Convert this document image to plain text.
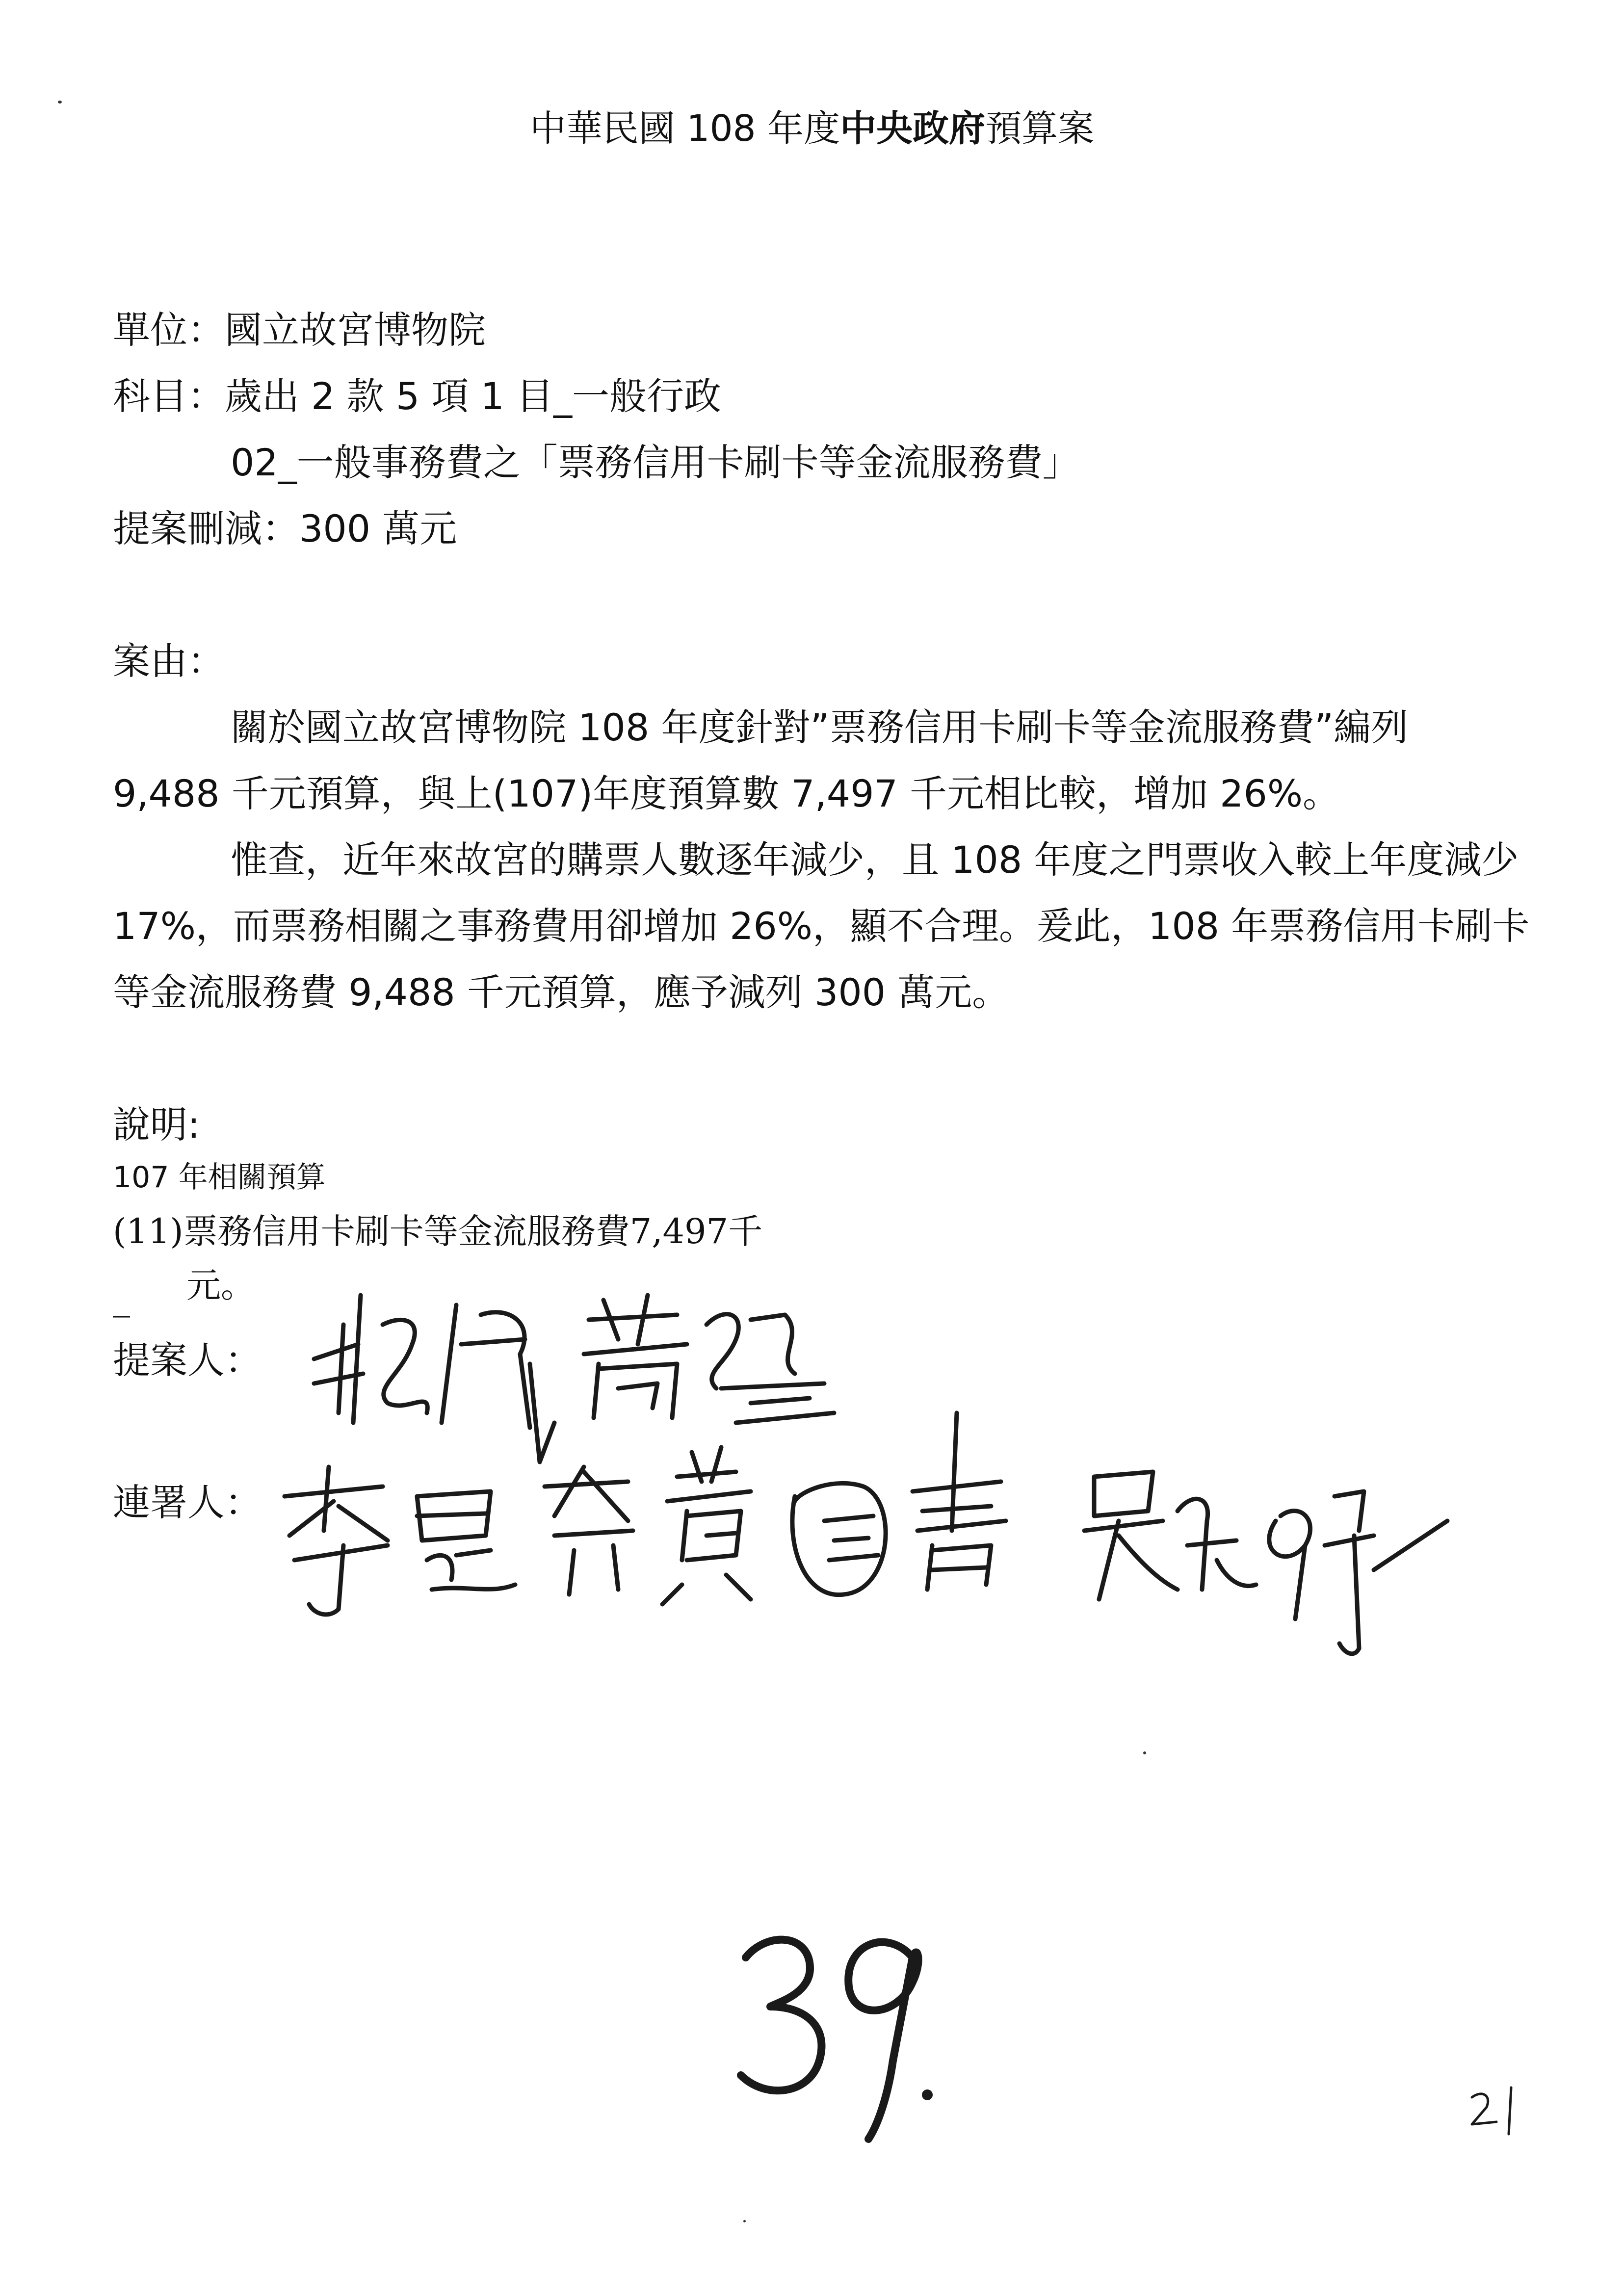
中華民國 108 年度中央政府預算案
單位：國立故宮博物院
科目：歲出 2 款 5 項 1 目_一般行政
02_一般事務費之「票務信用卡刷卡等金流服務費」
提案刪減：300 萬元
案由：
關於國立故宮博物院 108 年度針對”票務信用卡刷卡等金流服務費”編列
9,488 千元預算，與上(107)年度預算數 7,497 千元相比較，增加 26%。
惟查，近年來故宮的購票人數逐年減少，且 108 年度之門票收入較上年度減少
17%，而票務相關之事務費用卻增加 26%，顯不合理。爰此，108 年票務信用卡刷卡
等金流服務費 9,488 千元預算，應予減列 300 萬元。
說明:
107 年相關預算
(11)票務信用卡刷卡等金流服務費7,497千
元。
_
提案人：
連署人：
